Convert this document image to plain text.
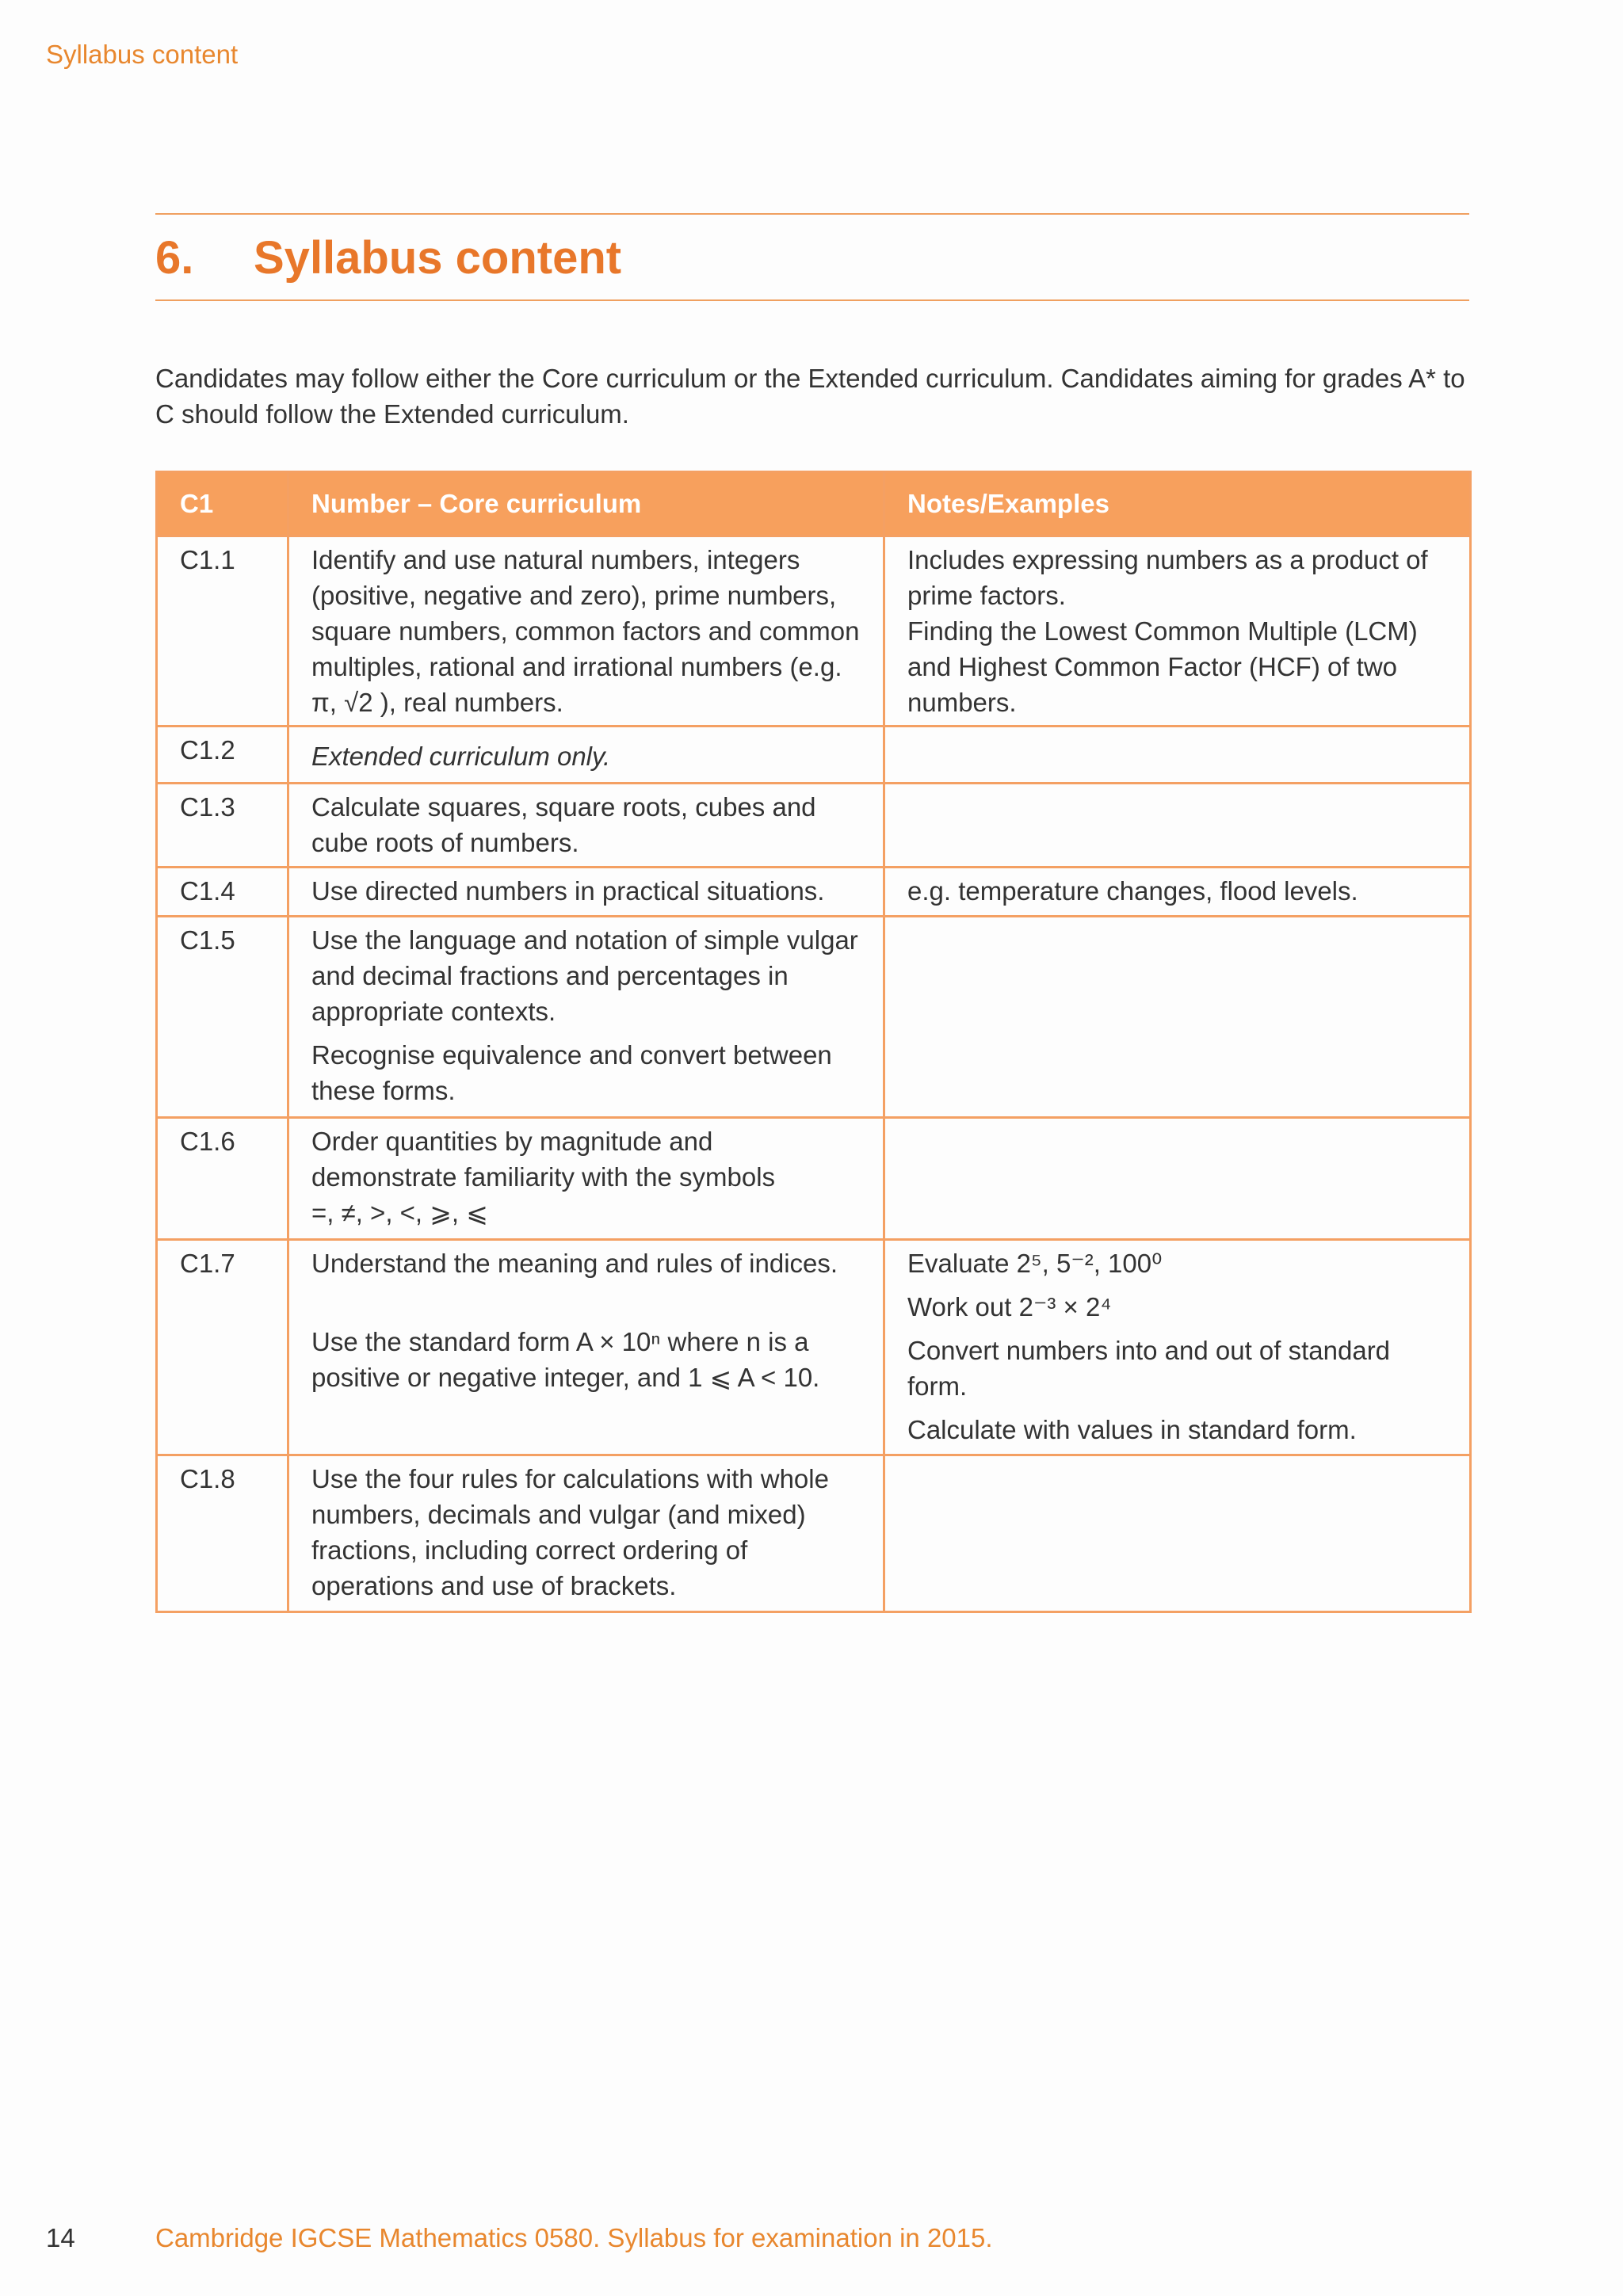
Syllabus content
6. Syllabus content
Candidates may follow either the Core curriculum or the Extended curriculum. Candidates aiming for grades A* to C should follow the Extended curriculum.
C1	Number – Core curriculum	Notes/Examples
C1.1	Identify and use natural numbers, integers (positive, negative and zero), prime numbers, square numbers, common factors and common multiples, rational and irrational numbers (e.g. π, √2 ), real numbers.	Includes expressing numbers as a product of prime factors.
Finding the Lowest Common Multiple (LCM) and Highest Common Factor (HCF) of two numbers.

C1.2	Extended curriculum only.	

C1.3	Calculate squares, square roots, cubes and cube roots of numbers.	

C1.4	Use directed numbers in practical situations.	e.g. temperature changes, flood levels.

C1.5	Use the language and notation of simple vulgar and decimal fractions and percentages in appropriate contexts.
Recognise equivalence and convert between these forms.	

C1.6	Order quantities by magnitude and demonstrate familiarity with the symbols
=, ≠, >, <, ⩾, ⩽	

C1.7	Understand the meaning and rules of indices.
Use the standard form A × 10ⁿ where n is a positive or negative integer, and 1 ⩽ A < 10.	Evaluate 2⁵, 5⁻², 100⁰
Work out 2⁻³ × 2⁴
Convert numbers into and out of standard form.
Calculate with values in standard form.

C1.8	Use the four rules for calculations with whole numbers, decimals and vulgar (and mixed) fractions, including correct ordering of operations and use of brackets.	

14	Cambridge IGCSE Mathematics 0580. Syllabus for examination in 2015.
